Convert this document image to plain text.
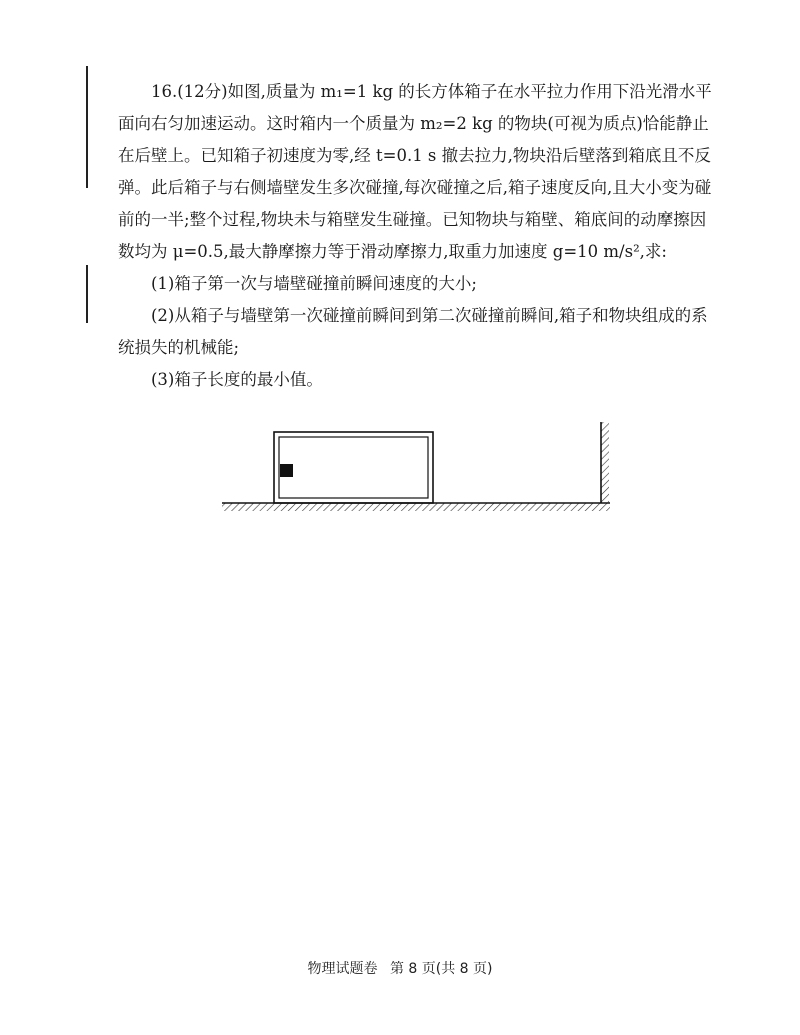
16.(12分)如图,质量为 m₁=1 kg 的长方体箱子在水平拉力作用下沿光滑水平面向右匀加速运动。这时箱内一个质量为 m₂=2 kg 的物块(可视为质点)恰能静止在后壁上。已知箱子初速度为零,经 t=0.1 s 撤去拉力,物块沿后壁落到箱底且不反弹。此后箱子与右侧墙壁发生多次碰撞,每次碰撞之后,箱子速度反向,且大小变为碰前的一半;整个过程,物块未与箱壁发生碰撞。已知物块与箱壁、箱底间的动摩擦因数均为 μ=0.5,最大静摩擦力等于滑动摩擦力,取重力加速度 g=10 m/s²,求:

(1)箱子第一次与墙壁碰撞前瞬间速度的大小;

(2)从箱子与墙壁第一次碰撞前瞬间到第二次碰撞前瞬间,箱子和物块组成的系统损失的机械能;

(3)箱子长度的最小值。

物理试题卷 第 8 页(共 8 页)
